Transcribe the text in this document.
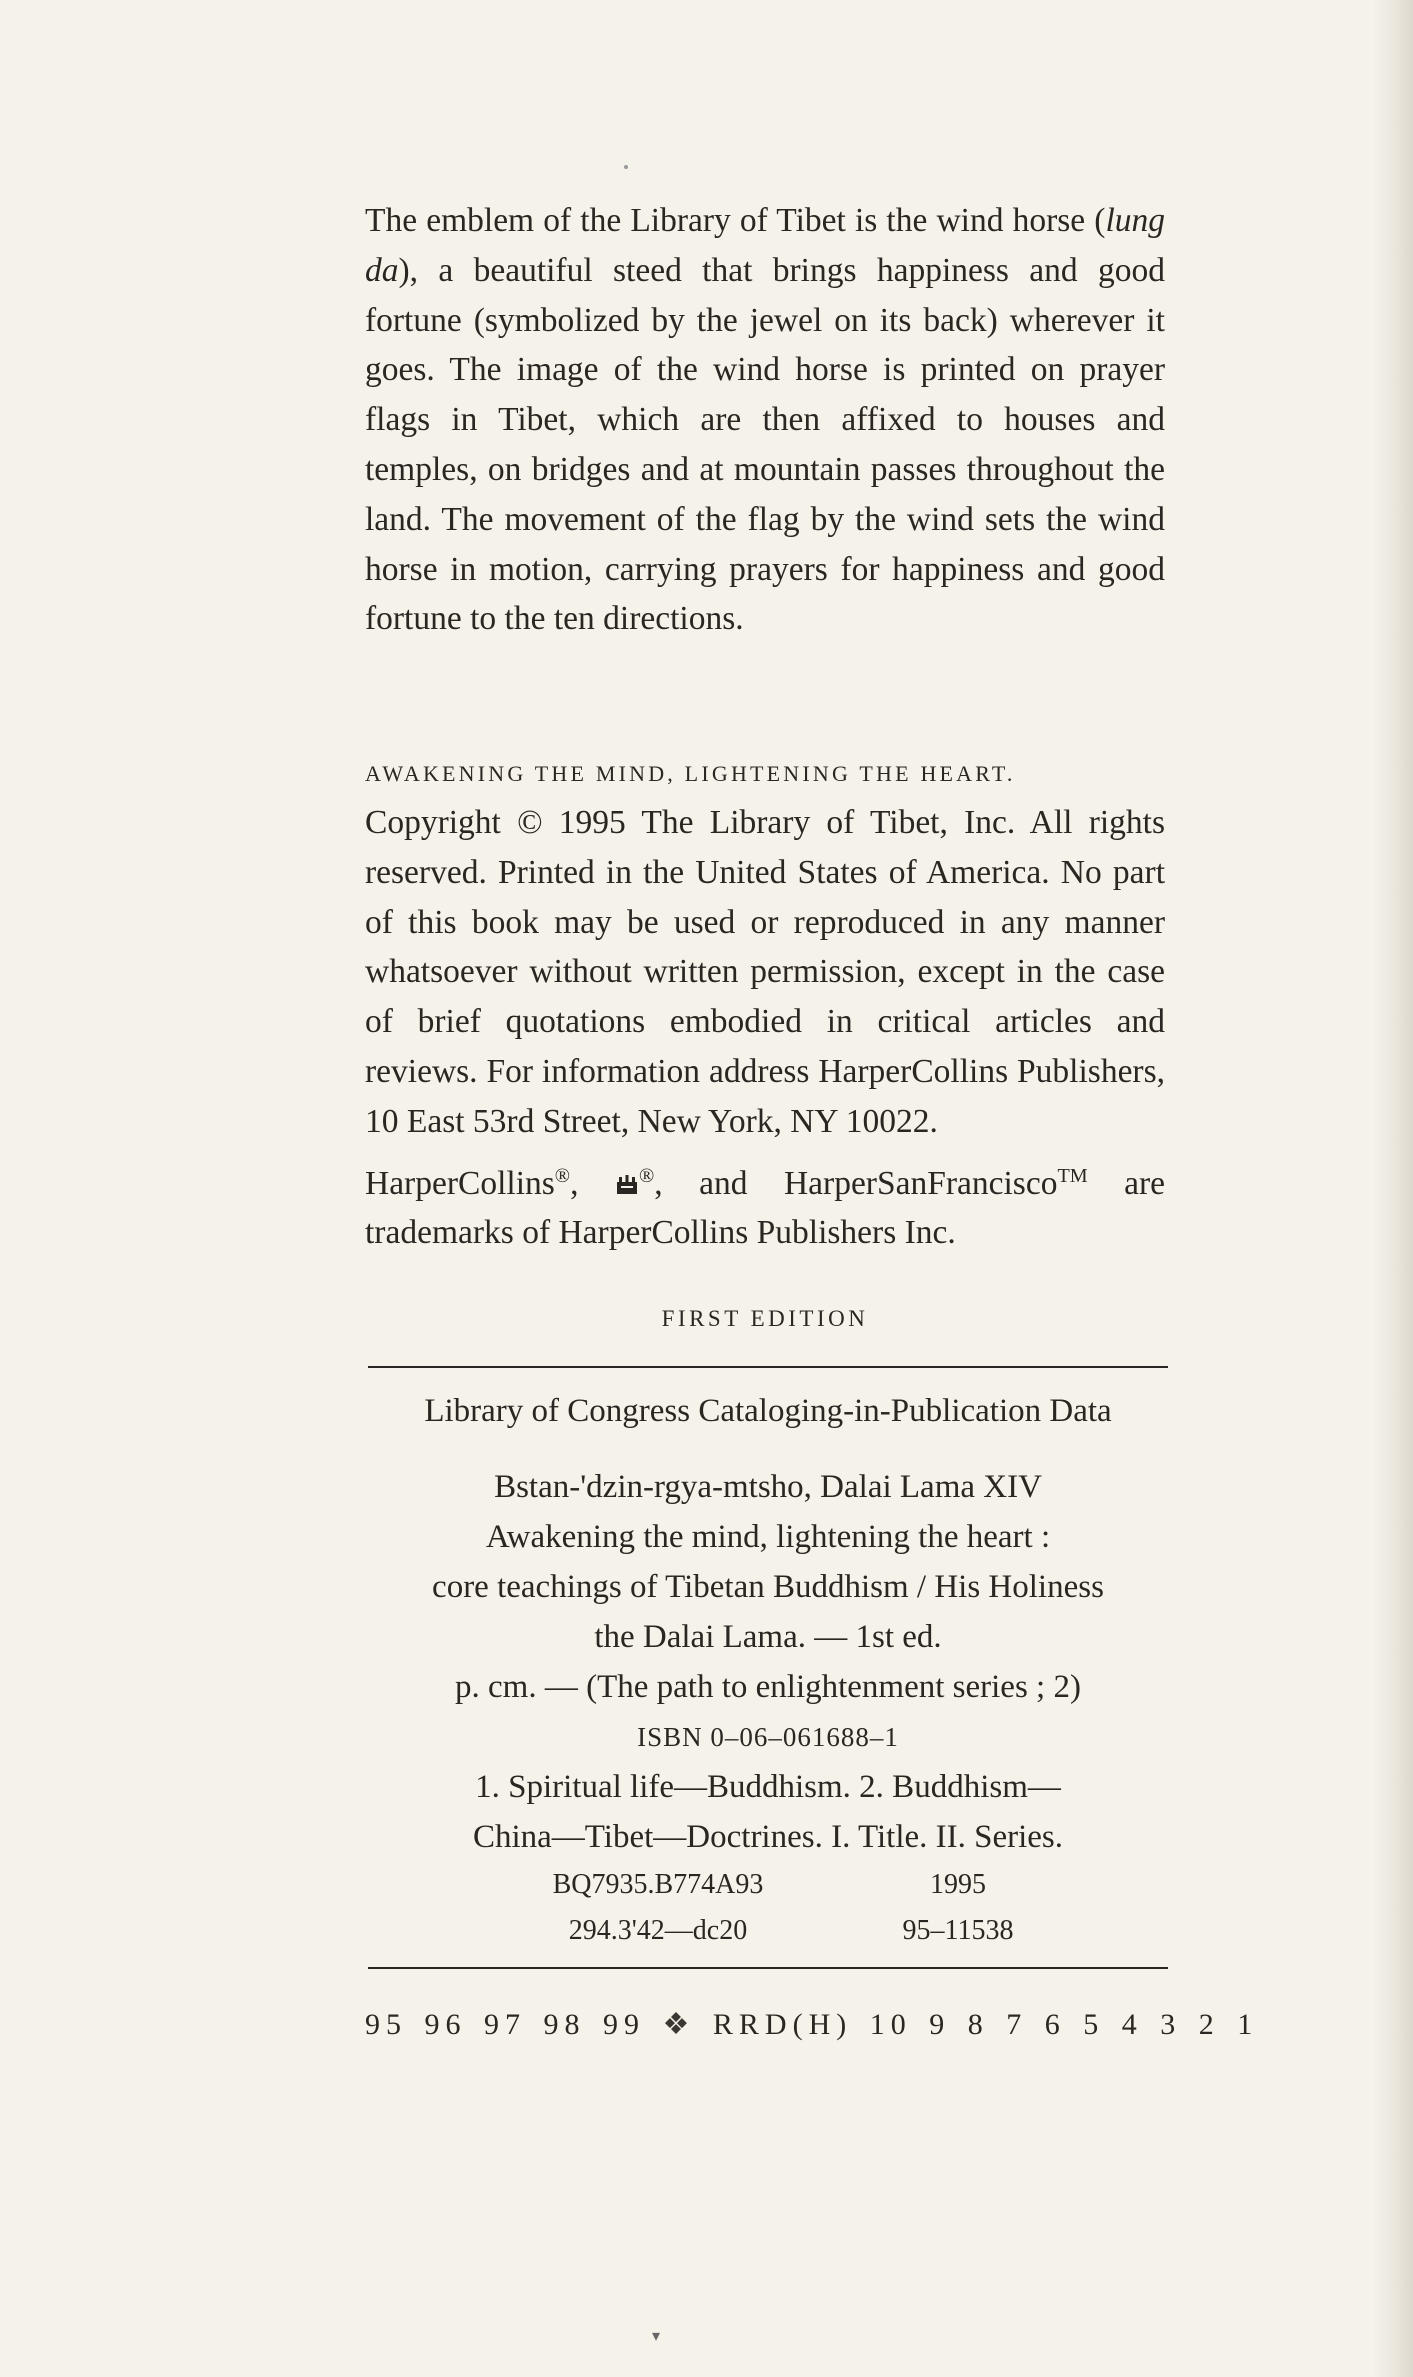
The emblem of the Library of Tibet is the wind horse (lung da), a beautiful steed that brings happiness and good fortune (symbolized by the jewel on its back) wherever it goes. The image of the wind horse is printed on prayer flags in Tibet, which are then affixed to houses and temples, on bridges and at mountain passes throughout the land. The movement of the flag by the wind sets the wind horse in motion, carrying prayers for happiness and good fortune to the ten directions.

AWAKENING THE MIND, LIGHTENING THE HEART.

Copyright © 1995 The Library of Tibet, Inc. All rights reserved. Printed in the United States of America. No part of this book may be used or reproduced in any manner whatsoever without written permission, except in the case of brief quotations embodied in critical articles and reviews. For information address HarperCollins Publishers, 10 East 53rd Street, New York, NY 10022.

HarperCollins®, ®, and HarperSanFrancisco™ are trademarks of HarperCollins Publishers Inc.

FIRST EDITION

Library of Congress Cataloging-in-Publication Data

Bstan-'dzin-rgya-mtsho, Dalai Lama XIV

Awakening the mind, lightening the heart :

core teachings of Tibetan Buddhism / His Holiness

the Dalai Lama. — 1st ed.

p. cm. — (The path to enlightenment series ; 2)

ISBN 0–06–061688–1

1. Spiritual life—Buddhism. 2. Buddhism—

China—Tibet—Doctrines. I. Title. II. Series.

BQ7935.B774A93	1995
294.3'42—dc20	95–11538
95 96 97 98 99 ❖ RRD(H) 10 9 8 7 6 5 4 3 2 1
▾
